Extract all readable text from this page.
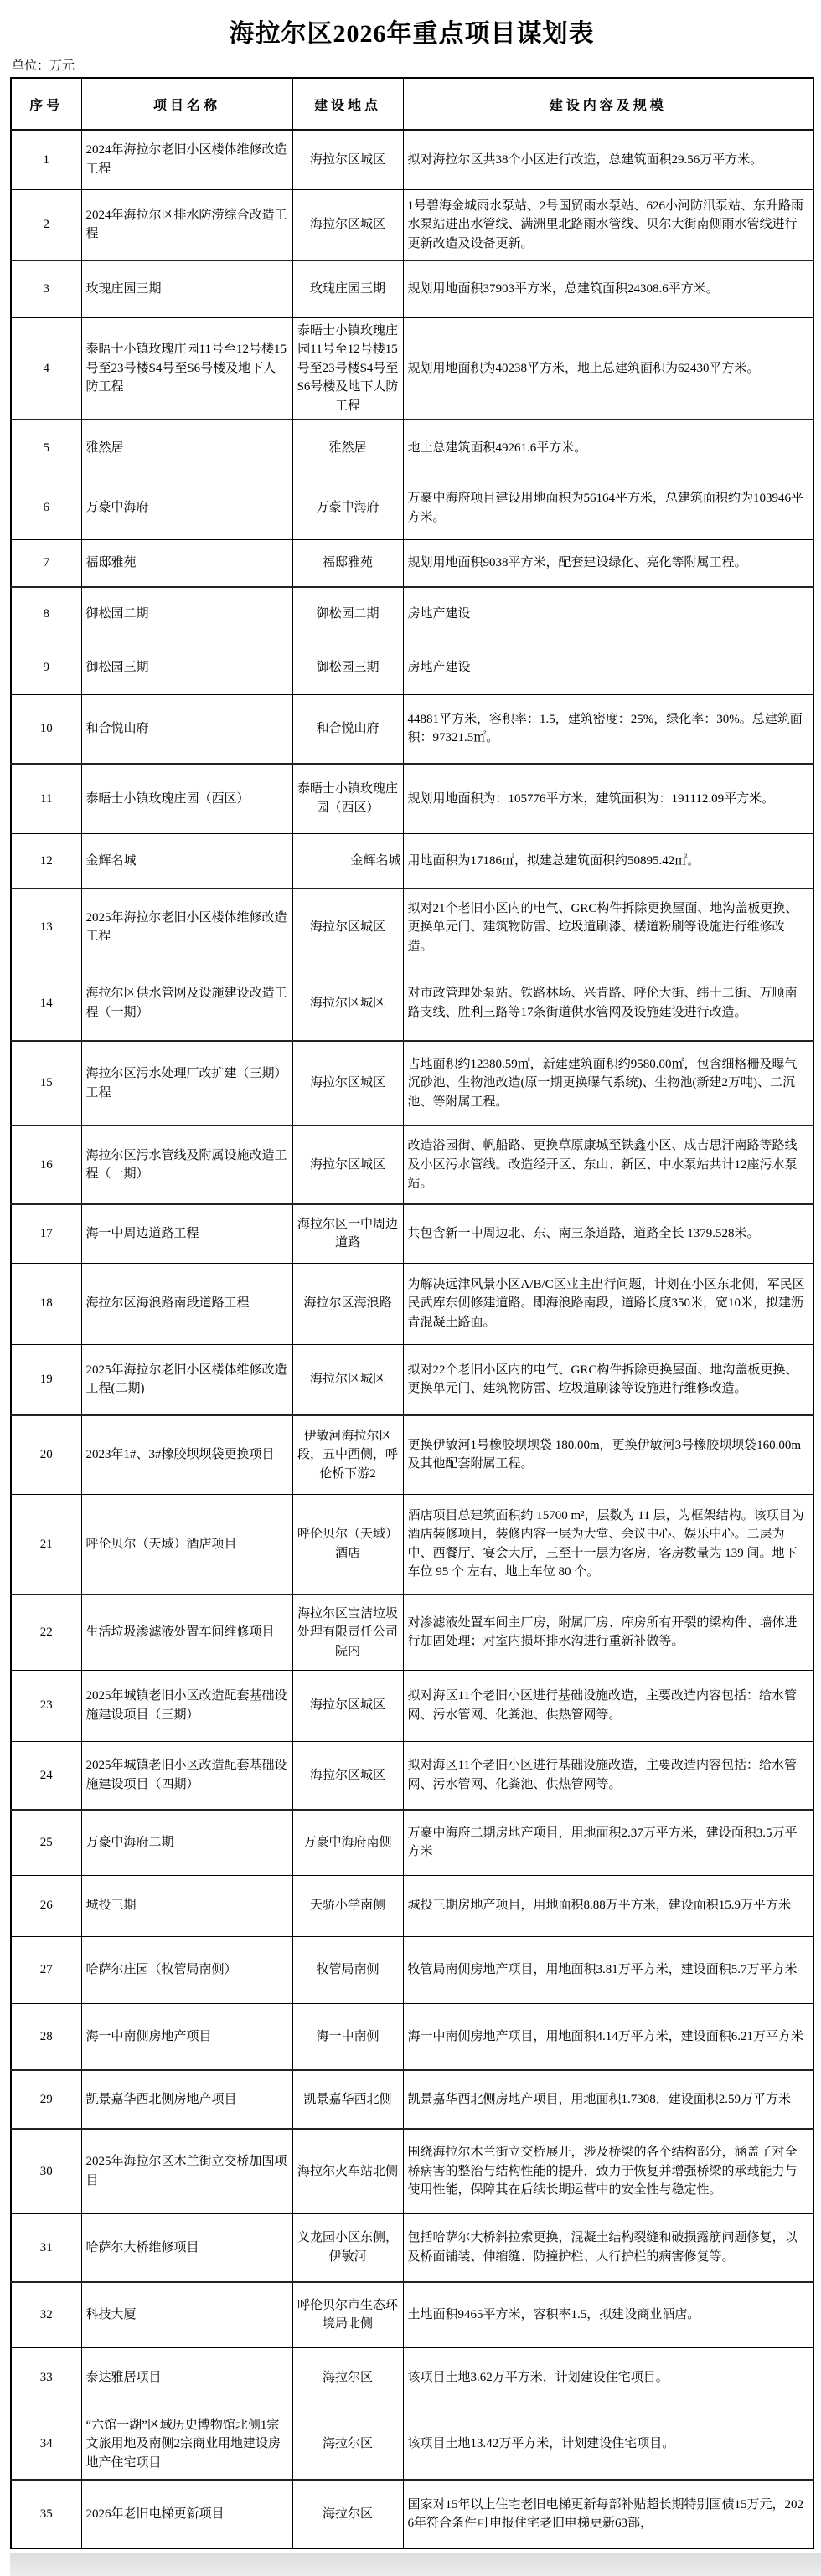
海拉尔区2026年重点项目谋划表
单位：万元
序号	项目名称	建设地点	建设内容及规模
1	2024年海拉尔老旧小区楼体维修改造工程	海拉尔区城区	拟对海拉尔区共38个小区进行改造，总建筑面积29.56万平方米。
2	2024年海拉尔区排水防涝综合改造工程	海拉尔区城区	1号碧海金城雨水泵站、2号国贸雨水泵站、626小河防汛泵站、东升路雨水泵站进出水管线、满洲里北路雨水管线、贝尔大街南侧雨水管线进行更新改造及设备更新。
3	玫瑰庄园三期	玫瑰庄园三期	规划用地面积37903平方米，总建筑面积24308.6平方米。
4	泰晤士小镇玫瑰庄园11号至12号楼15号至23号楼S4号至S6号楼及地下人防工程	泰晤士小镇玫瑰庄园11号至12号楼15号至23号楼S4号至S6号楼及地下人防工程	规划用地面积为40238平方米，地上总建筑面积为62430平方米。
5	雅然居	雅然居	地上总建筑面积49261.6平方米。
6	万豪中海府	万豪中海府	万豪中海府项目建设用地面积为56164平方米，总建筑面积约为103946平方米。
7	福邸雅苑	福邸雅苑	规划用地面积9038平方米，配套建设绿化、亮化等附属工程。
8	御松园二期	御松园二期	房地产建设
9	御松园三期	御松园三期	房地产建设
10	和合悦山府	和合悦山府	44881平方米，容积率：1.5，建筑密度：25%，绿化率：30%。总建筑面积：97321.5㎡。
11	泰晤士小镇玫瑰庄园（西区）	泰晤士小镇玫瑰庄园（西区）	规划用地面积为：105776平方米，建筑面积为：191112.09平方米。
12	金辉名城	金辉名城	用地面积为17186㎡，拟建总建筑面积约50895.42㎡。
13	2025年海拉尔老旧小区楼体维修改造工程	海拉尔区城区	拟对21个老旧小区内的电气、GRC构件拆除更换屋面、地沟盖板更换、更换单元门、建筑物防雷、垃圾道刷漆、楼道粉刷等设施进行维修改造。
14	海拉尔区供水管网及设施建设改造工程（一期）	海拉尔区城区	对市政管理处泵站、铁路林场、兴肯路、呼伦大街、纬十二街、万顺南路支线、胜利三路等17条街道供水管网及设施建设进行改造。
15	海拉尔区污水处理厂改扩建（三期）工程	海拉尔区城区	占地面积约12380.59㎡，新建建筑面积约9580.00㎡，包含细格栅及曝气沉砂池、生物池改造(原一期更换曝气系统)、生物池(新建2万吨)、二沉池、等附属工程。
16	海拉尔区污水管线及附属设施改造工程（一期）	海拉尔区城区	改造浴园街、帆船路、更换草原康城至铁鑫小区、成吉思汗南路等路线及小区污水管线。改造经开区、东山、新区、中水泵站共计12座污水泵站。
17	海一中周边道路工程	海拉尔区一中周边道路	共包含新一中周边北、东、南三条道路，道路全长 1379.528米。
18	海拉尔区海浪路南段道路工程	海拉尔区海浪路	为解决远津风景小区A/B/C区业主出行问题，计划在小区东北侧，军民区民武库东侧修建道路。即海浪路南段，道路长度350米，宽10米，拟建沥青混凝土路面。
19	2025年海拉尔老旧小区楼体维修改造工程(二期)	海拉尔区城区	拟对22个老旧小区内的电气、GRC构件拆除更换屋面、地沟盖板更换、更换单元门、建筑物防雷、垃圾道刷漆等设施进行维修改造。
20	2023年1#、3#橡胶坝坝袋更换项目	伊敏河海拉尔区段，五中西侧，呼伦桥下游2	更换伊敏河1号橡胶坝坝袋 180.00m，更换伊敏河3号橡胶坝坝袋160.00m及其他配套附属工程。
21	呼伦贝尔（天域）酒店项目	呼伦贝尔（天域）酒店	酒店项目总建筑面积约 15700 m²，层数为 11 层，为框架结构。该项目为酒店装修项目，装修内容一层为大堂、会议中心、娱乐中心。二层为中、西餐厅、宴会大厅，三至十一层为客房，客房数量为 139 间。地下车位 95 个 左右、地上车位 80 个。
22	生活垃圾渗滤液处置车间维修项目	海拉尔区宝洁垃圾处理有限责任公司院内	对渗滤液处置车间主厂房，附属厂房、库房所有开裂的梁构件、墙体进行加固处理；对室内损坏排水沟进行重新补做等。
23	2025年城镇老旧小区改造配套基础设施建设项目（三期）	海拉尔区城区	拟对海区11个老旧小区进行基础设施改造，主要改造内容包括：给水管网、污水管网、化粪池、供热管网等。
24	2025年城镇老旧小区改造配套基础设施建设项目（四期）	海拉尔区城区	拟对海区11个老旧小区进行基础设施改造，主要改造内容包括：给水管网、污水管网、化粪池、供热管网等。
25	万豪中海府二期	万豪中海府南侧	万豪中海府二期房地产项目，用地面积2.37万平方米，建设面积3.5万平方米
26	城投三期	天骄小学南侧	城投三期房地产项目，用地面积8.88万平方米，建设面积15.9万平方米
27	哈萨尔庄园（牧管局南侧）	牧管局南侧	牧管局南侧房地产项目，用地面积3.81万平方米，建设面积5.7万平方米
28	海一中南侧房地产项目	海一中南侧	海一中南侧房地产项目，用地面积4.14万平方米，建设面积6.21万平方米
29	凯景嘉华西北侧房地产项目	凯景嘉华西北侧	凯景嘉华西北侧房地产项目，用地面积1.7308，建设面积2.59万平方米
30	2025年海拉尔区木兰街立交桥加固项目	海拉尔火车站北侧	围绕海拉尔木兰街立交桥展开，涉及桥梁的各个结构部分，涵盖了对全桥病害的整治与结构性能的提升，致力于恢复并增强桥梁的承载能力与使用性能，保障其在后续长期运营中的安全性与稳定性。
31	哈萨尔大桥维修项目	义龙园小区东侧，伊敏河	包括哈萨尔大桥斜拉索更换，混凝土结构裂缝和破损露筋问题修复，以及桥面铺装、伸缩缝、防撞护栏、人行护栏的病害修复等。
32	科技大厦	呼伦贝尔市生态环境局北侧	土地面积9465平方米，容积率1.5，拟建设商业酒店。
33	泰达雅居项目	海拉尔区	该项目土地3.62万平方米，计划建设住宅项目。
34	“六馆一湖”区域历史博物馆北侧1宗文旅用地及南侧2宗商业用地建设房地产住宅项目	海拉尔区	该项目土地13.42万平方米，计划建设住宅项目。
35	2026年老旧电梯更新项目	海拉尔区	国家对15年以上住宅老旧电梯更新每部补贴超长期特别国债15万元，2026年符合条件可申报住宅老旧电梯更新63部，
